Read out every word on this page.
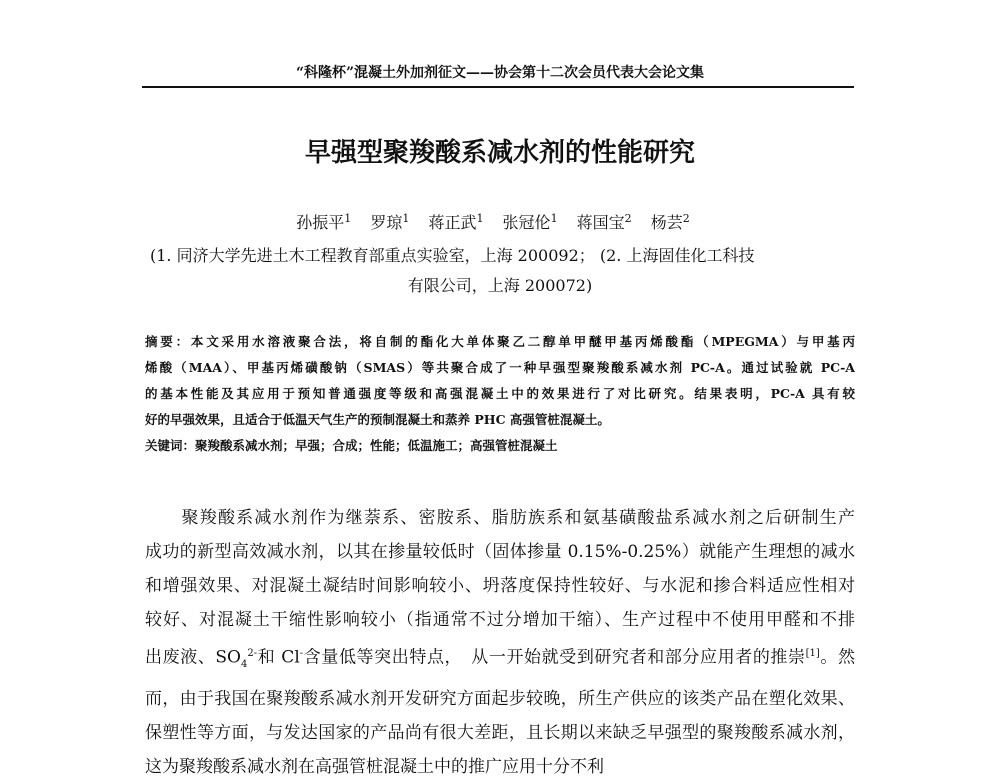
“科隆杯”混凝土外加剂征文——协会第十二次会员代表大会论文集
早强型聚羧酸系减水剂的性能研究
孙振平$^1$ 罗琼$^1$ 蒋正武$^1$ 张冠伦$^1$ 蒋国宝$^2$ 杨芸$^2$
(1. 同济大学先进土木工程教育部重点实验室，上海 200092； (2. 上海固佳化工科技
有限公司，上海 200072)
摘要：本文采用水溶液聚合法，将自制的酯化大单体聚乙二醇单甲醚甲基丙烯酸酯（MPEGMA）与甲基丙
烯酸（MAA）、甲基丙烯磺酸钠（SMAS）等共聚合成了一种早强型聚羧酸系减水剂 PC-A。通过试验就 PC-A
的基本性能及其应用于预知普通强度等级和高强混凝土中的效果进行了对比研究。结果表明，PC-A 具有较
好的早强效果，且适合于低温天气生产的预制混凝土和蒸养 PHC 高强管桩混凝土。
关键词：聚羧酸系减水剂；早强；合成；性能；低温施工；高强管桩混凝土
　　聚羧酸系减水剂作为继萘系、密胺系、脂肪族系和氨基磺酸盐系减水剂之后研制生产
成功的新型高效减水剂，以其在掺量较低时（固体掺量 0.15%-0.25%）就能产生理想的减水
和增强效果、对混凝土凝结时间影响较小、坍落度保持性较好、与水泥和掺合料适应性相对
较好、对混凝土干缩性影响较小（指通常不过分增加干缩）、生产过程中不使用甲醛和不排
出废液、$SO_4^{2-}$和 Cl-含量低等突出特点，　从一开始就受到研究者和部分应用者的推崇[1]。然
而，由于我国在聚羧酸系减水剂开发研究方面起步较晚，所生产供应的该类产品在塑化效果、
保塑性等方面，与发达国家的产品尚有很大差距，且长期以来缺乏早强型的聚羧酸系减水剂，
这为聚羧酸系减水剂在高强管桩混凝土中的推广应用十分不利
